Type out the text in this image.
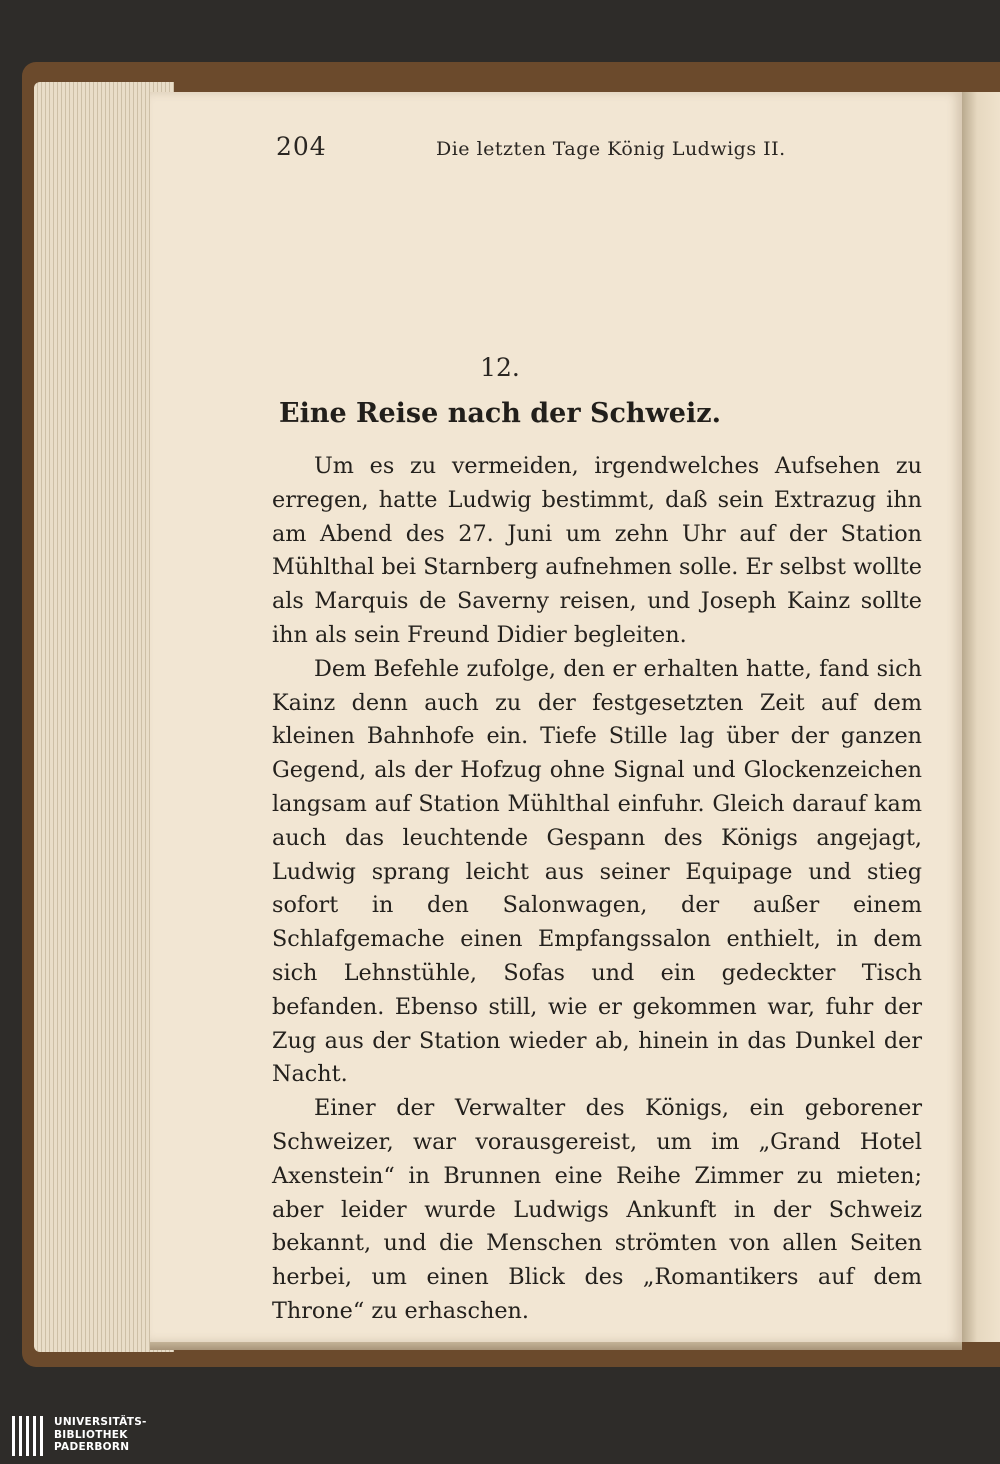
204	Die letzten Tage König Ludwigs II.
12.
Eine Reise nach der Schweiz.

Um es zu vermeiden, irgendwelches Aufsehen zu erregen, hatte Ludwig bestimmt, daß sein Extrazug ihn am Abend des 27. Juni um zehn Uhr auf der Station Mühlthal bei Starnberg aufnehmen solle. Er selbst wollte als Marquis de Saverny reisen, und Joseph Kainz sollte ihn als sein Freund Didier begleiten.

Dem Befehle zufolge, den er erhalten hatte, fand sich Kainz denn auch zu der festgesetzten Zeit auf dem kleinen Bahnhofe ein. Tiefe Stille lag über der ganzen Gegend, als der Hofzug ohne Signal und Glockenzeichen langsam auf Station Mühlthal einfuhr. Gleich darauf kam auch das leuchtende Gespann des Königs angejagt, Ludwig sprang leicht aus seiner Equipage und stieg sofort in den Salonwagen, der außer einem Schlafgemache einen Empfangssalon enthielt, in dem sich Lehnstühle, Sofas und ein gedeckter Tisch befanden. Ebenso still, wie er gekommen war, fuhr der Zug aus der Station wieder ab, hinein in das Dunkel der Nacht.

Einer der Verwalter des Königs, ein geborener Schweizer, war vorausgereist, um im „Grand Hotel Axenstein“ in Brunnen eine Reihe Zimmer zu mieten; aber leider wurde Ludwigs Ankunft in der Schweiz bekannt, und die Menschen strömten von allen Seiten herbei, um einen Blick des „Romantikers auf dem Throne“ zu erhaschen.

UNIVERSITÄTS-
BIBLIOTHEK
PADERBORN
